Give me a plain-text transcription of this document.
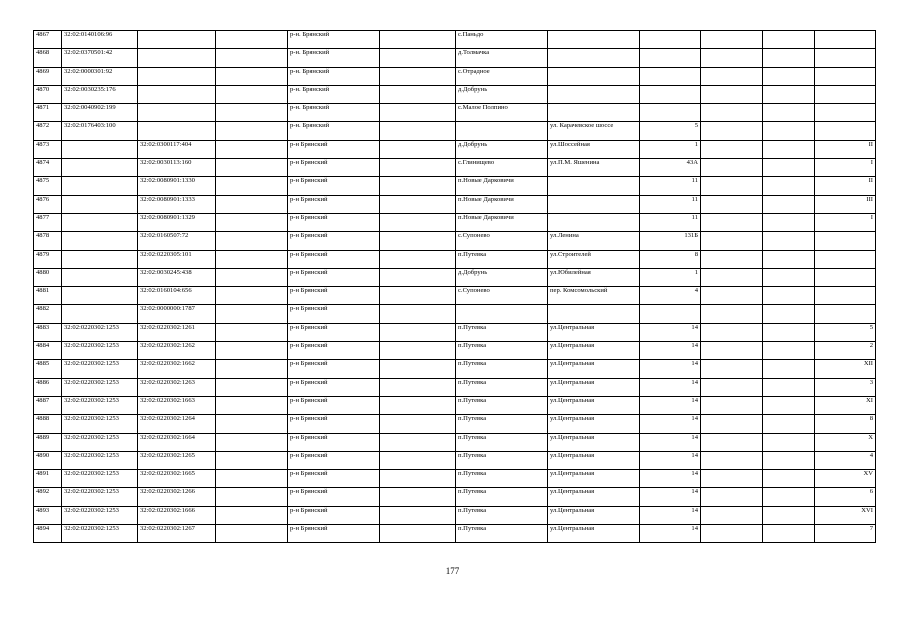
4867	32:02:0140106:96			р-н. Брянский		с.Паньдо					
4868	32:02:0370501:42			р-н. Брянский		д.Толмачка					
4869	32:02:0000301:92			р-н. Брянский		с.Отрадное					
4870	32:02:0030235:176			р-н. Брянский		д.Добрунь					
4871	32:02:0040902:199			р-н. Брянский		с.Малое Полпино					
4872	32:02:0176403:100			р-н. Брянский			ул. Карачевское шоссе	5			
4873		32:02:0300117:404		р-н Брянский		д.Добрунь	ул.Шоссейная	1			II
4874		32:02:0030113:160		р-н Брянский		с.Глинищево	ул.П.М. Яшенина	43А			I
4875		32:02:0080901:1330		р-н Брянский		п.Новые Дарковичи		11			II
4876		32:02:0080901:1333		р-н Брянский		п.Новые Дарковичи		11			III
4877		32:02:0080901:1329		р-н Брянский		п.Новые Дарковичи		11			I
4878		32:02:0160507:72		р-н Брянский		с.Супонево	ул.Ленина	131Б			
4879		32:02:0220305:101		р-н Брянский		п.Путевка	ул.Строителей	8			
4880		32:02:0030245:438		р-н Брянский		д.Добрунь	ул.Юбилейная	1			
4881		32:02:0160104:656		р-н Брянский		с.Супонево	пер. Комсомольский	4			
4882		32:02:0000000:1787		р-н Брянский							
4883	32:02:0220302:1253	32:02:0220302:1261		р-н Брянский		п.Путевка	ул.Центральная	14			5
4884	32:02:0220302:1253	32:02:0220302:1262		р-н Брянский		п.Путевка	ул.Центральная	14			2
4885	32:02:0220302:1253	32:02:0220302:1662		р-н Брянский		п.Путевка	ул.Центральная	14			XII
4886	32:02:0220302:1253	32:02:0220302:1263		р-н Брянский		п.Путевка	ул.Центральная	14			3
4887	32:02:0220302:1253	32:02:0220302:1663		р-н Брянский		п.Путевка	ул.Центральная	14			XI
4888	32:02:0220302:1253	32:02:0220302:1264		р-н Брянский		п.Путевка	ул.Центральная	14			8
4889	32:02:0220302:1253	32:02:0220302:1664		р-н Брянский		п.Путевка	ул.Центральная	14			X
4890	32:02:0220302:1253	32:02:0220302:1265		р-н Брянский		п.Путевка	ул.Центральная	14			4
4891	32:02:0220302:1253	32:02:0220302:1665		р-н Брянский		п.Путевка	ул.Центральная	14			XV
4892	32:02:0220302:1253	32:02:0220302:1266		р-н Брянский		п.Путевка	ул.Центральная	14			6
4893	32:02:0220302:1253	32:02:0220302:1666		р-н Брянский		п.Путевка	ул.Центральная	14			XVI
4894	32:02:0220302:1253	32:02:0220302:1267		р-н Брянский		п.Путевка	ул.Центральная	14			7
177
